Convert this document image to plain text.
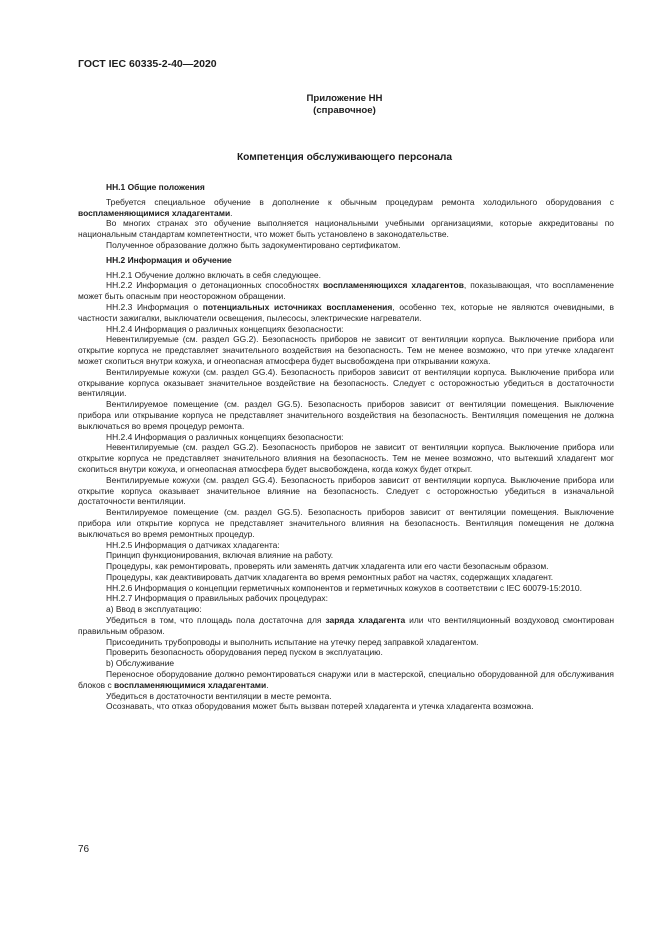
ГОСТ IEC 60335-2-40—2020
Приложение НН
(справочное)
Компетенция обслуживающего персонала

НН.1 Общие положения

Требуется специальное обучение в дополнение к обычным процедурам ремонта холодильного оборудования с воспламеняющимися хладагентами.

Во многих странах это обучение выполняется национальными учебными организациями, которые аккредитованы по национальным стандартам компетентности, что может быть установлено в законодательстве.

Полученное образование должно быть задокументировано сертификатом.

НН.2 Информация и обучение

НН.2.1 Обучение должно включать в себя следующее.

НН.2.2 Информация о детонационных способностях воспламеняющихся хладагентов, показывающая, что воспламенение может быть опасным при неосторожном обращении.

НН.2.3 Информация о потенциальных источниках воспламенения, особенно тех, которые не являются очевидными, в частности зажигалки, выключатели освещения, пылесосы, электрические нагреватели.

НН.2.4 Информация о различных концепциях безопасности:

Невентилируемые (см. раздел GG.2). Безопасность приборов не зависит от вентиляции корпуса. Выключение прибора или открытие корпуса не представляет значительного воздействия на безопасность. Тем не менее возможно, что при утечке хладагент может скопиться внутри кожуха, и огнеопасная атмосфера будет высвобождена при открывании кожуха.

Вентилируемые кожухи (см. раздел GG.4). Безопасность приборов зависит от вентиляции корпуса. Выключение прибора или открывание корпуса оказывает значительное воздействие на безопасность. Следует с осторожностью убедиться в достаточности вентиляции.

Вентилируемое помещение (см. раздел GG.5). Безопасность приборов зависит от вентиляции помещения. Выключение прибора или открывание корпуса не представляет значительного воздействия на безопасность. Вентиляция помещения не должна выключаться во время процедур ремонта.

НН.2.4 Информация о различных концепциях безопасности:

Невентилируемые (см. раздел GG.2). Безопасность приборов не зависит от вентиляции корпуса. Выключение прибора или открытие корпуса не представляет значительного влияния на безопасность. Тем не менее возможно, что вытекший хладагент мог скопиться внутри кожуха, и огнеопасная атмосфера будет высвобождена, когда кожух будет открыт.

Вентилируемые кожухи (см. раздел GG.4). Безопасность приборов зависит от вентиляции корпуса. Выключение прибора или открытие корпуса оказывает значительное влияние на безопасность. Следует с осторожностью убедиться в изначальной достаточности вентиляции.

Вентилируемое помещение (см. раздел GG.5). Безопасность приборов зависит от вентиляции помещения. Выключение прибора или открытие корпуса не представляет значительного влияния на безопасность. Вентиляция помещения не должна выключаться во время ремонтных процедур.

НН.2.5 Информация о датчиках хладагента:

Принцип функционирования, включая влияние на работу.

Процедуры, как ремонтировать, проверять или заменять датчик хладагента или его части безопасным образом.

Процедуры, как деактивировать датчик хладагента во время ремонтных работ на частях, содержащих хладагент.

НН.2.6 Информация о концепции герметичных компонентов и герметичных кожухов в соответствии с IEC 60079-15:2010.

НН.2.7 Информация о правильных рабочих процедурах:

а) Ввод в эксплуатацию:

Убедиться в том, что площадь пола достаточна для заряда хладагента или что вентиляционный воздуховод смонтирован правильным образом.

Присоединить трубопроводы и выполнить испытание на утечку перед заправкой хладагентом.

Проверить безопасность оборудования перед пуском в эксплуатацию.

b) Обслуживание

Переносное оборудование должно ремонтироваться снаружи или в мастерской, специально оборудованной для обслуживания блоков с воспламеняющимися хладагентами.

Убедиться в достаточности вентиляции в месте ремонта.

Осознавать, что отказ оборудования может быть вызван потерей хладагента и утечка хладагента возможна.

76
